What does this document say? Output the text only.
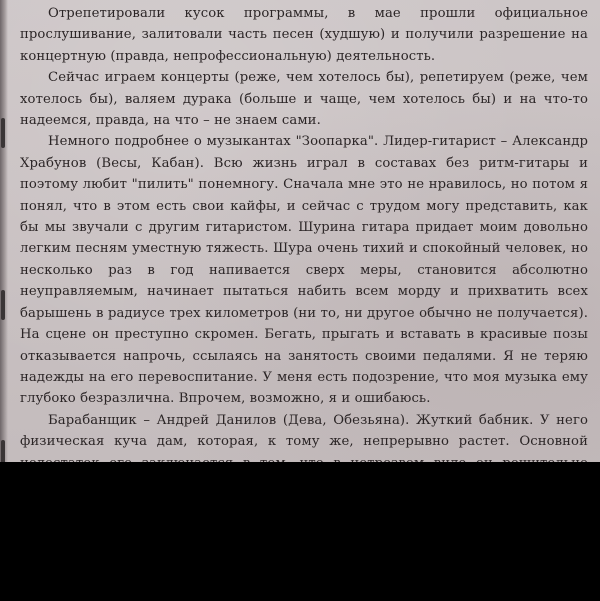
Отрепетировали кусок программы, в мае прошли официальное прослушивание, залитовали часть песен (худшую) и получили разрешение на концертную (правда, непрофессиональную) деятельность.

Сейчас играем концерты (реже, чем хотелось бы), репетируем (реже, чем хотелось бы), валяем дурака (больше и чаще, чем хотелось бы) и на что-то надеемся, правда, на что – не знаем сами.

Немного подробнее о музыкантах "Зоопарка". Лидер-гитарист – Александр Храбунов (Весы, Кабан). Всю жизнь играл в составах без ритм-гитары и поэтому любит "пилить" понемногу. Сначала мне это не нравилось, но потом я понял, что в этом есть свои кайфы, и сейчас с трудом могу представить, как бы мы звучали с другим гитаристом. Шурина гитара придает моим довольно легким песням уместную тяжесть. Шура очень тихий и спокойный человек, но несколько раз в год напивается сверх меры, становится абсолютно неуправляемым, начинает пытаться набить всем морду и прихватить всех барышень в радиусе трех километров (ни то, ни другое обычно не получается). На сцене он преступно скромен. Бегать, прыгать и вставать в красивые позы отказывается напрочь, ссылаясь на занятость своими педалями. Я не теряю надежды на его перевоспитание. У меня есть подозрение, что моя музыка ему глубоко безразлична. Впрочем, возможно, я и ошибаюсь.

Барабанщик – Андрей Данилов (Дева, Обезьяна). Жуткий бабник. У него физическая куча дам, которая, к тому же, непрерывно растет. Основной
